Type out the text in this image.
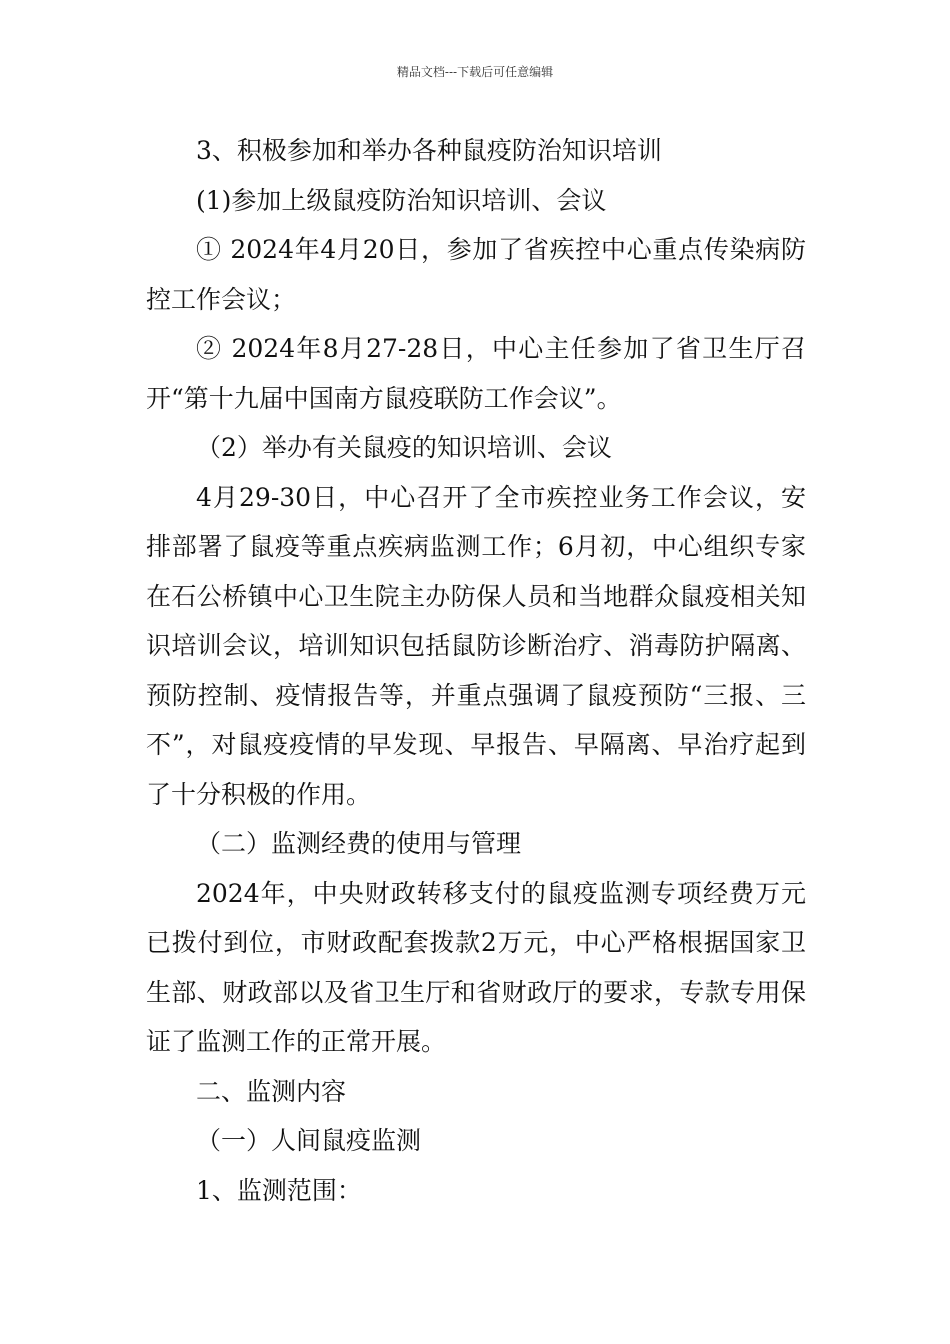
精品文档---下载后可任意编辑

3、积极参加和举办各种鼠疫防治知识培训

(1)参加上级鼠疫防治知识培训、会议

① 2024年4月20日，参加了省疾控中心重点传染病防控工作会议；

② 2024年8月27-28日，中心主任参加了省卫生厅召开“第十九届中国南方鼠疫联防工作会议”。

（2）举办有关鼠疫的知识培训、会议

4月29-30日，中心召开了全市疾控业务工作会议，安排部署了鼠疫等重点疾病监测工作；6月初，中心组织专家在石公桥镇中心卫生院主办防保人员和当地群众鼠疫相关知识培训会议，培训知识包括鼠防诊断治疗、消毒防护隔离、预防控制、疫情报告等，并重点强调了鼠疫预防“三报、三不”，对鼠疫疫情的早发现、早报告、早隔离、早治疗起到了十分积极的作用。

（二）监测经费的使用与管理

2024年，中央财政转移支付的鼠疫监测专项经费万元已拨付到位，市财政配套拨款2万元，中心严格根据国家卫生部、财政部以及省卫生厅和省财政厅的要求，专款专用保证了监测工作的正常开展。

二、监测内容

（一）人间鼠疫监测

1、监测范围：
